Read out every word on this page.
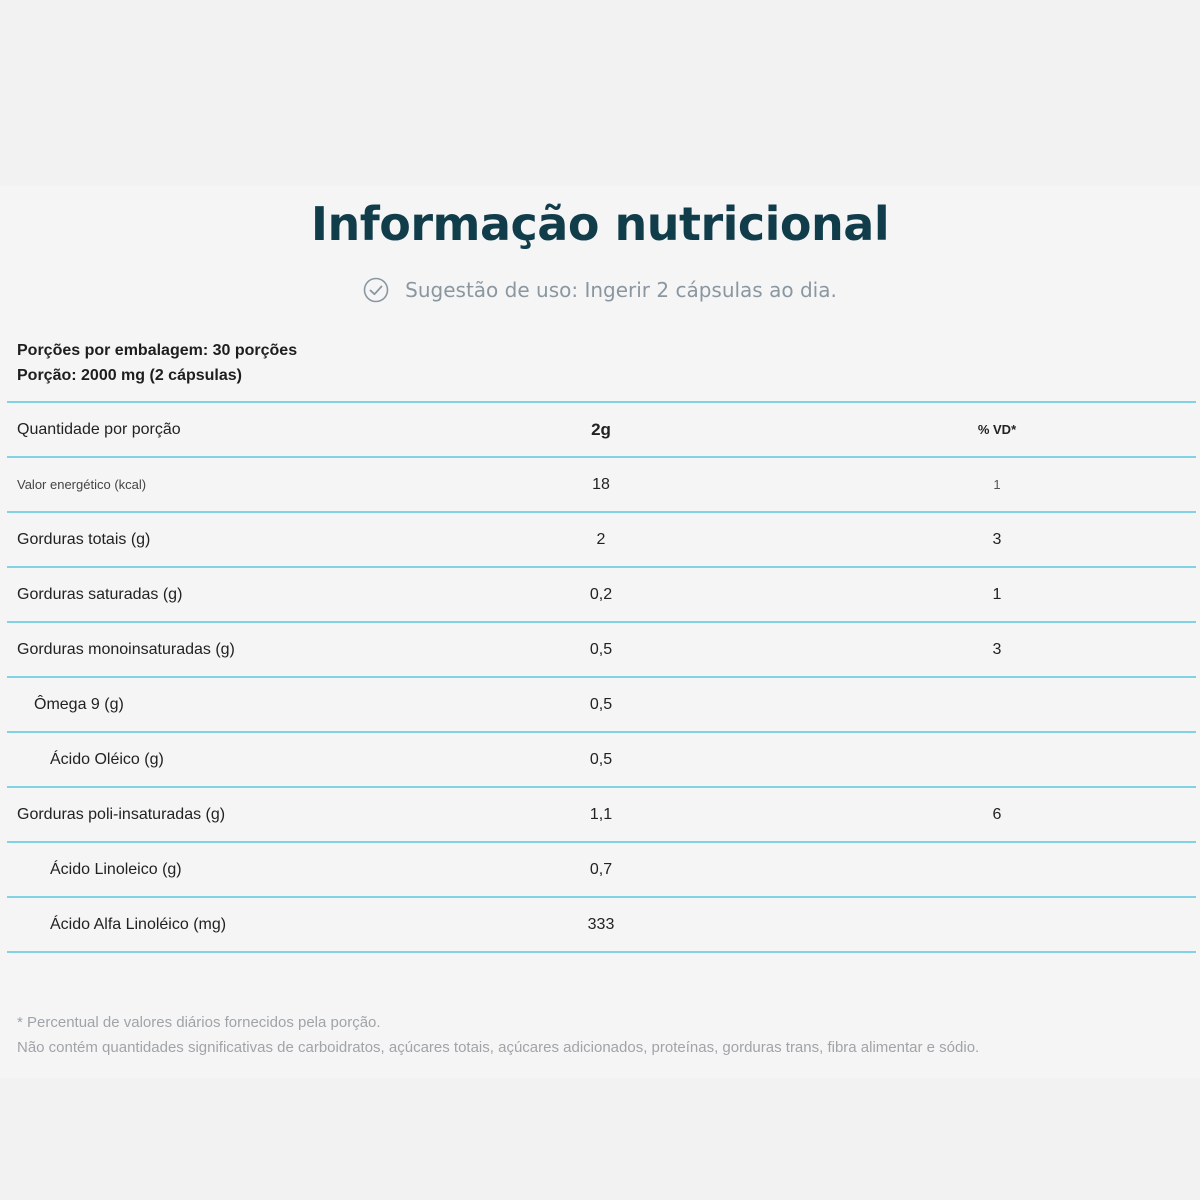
Informação nutricional
Sugestão de uso: Ingerir 2 cápsulas ao dia.
Porções por embalagem: 30 porções
Porção: 2000 mg (2 cápsulas)
Quantidade por porção	2g	% VD*
Valor energético (kcal)	18	1
Gorduras totais (g)	2	3
Gorduras saturadas (g)	0,2	1
Gorduras monoinsaturadas (g)	0,5	3
Ômega 9 (g)	0,5
Ácido Oléico (g)	0,5
Gorduras poli-insaturadas (g)	1,1	6
Ácido Linoleico (g)	0,7
Ácido Alfa Linoléico (mg)	333
* Percentual de valores diários fornecidos pela porção.
Não contém quantidades significativas de carboidratos, açúcares totais, açúcares adicionados, proteínas, gorduras trans, fibra alimentar e sódio.
